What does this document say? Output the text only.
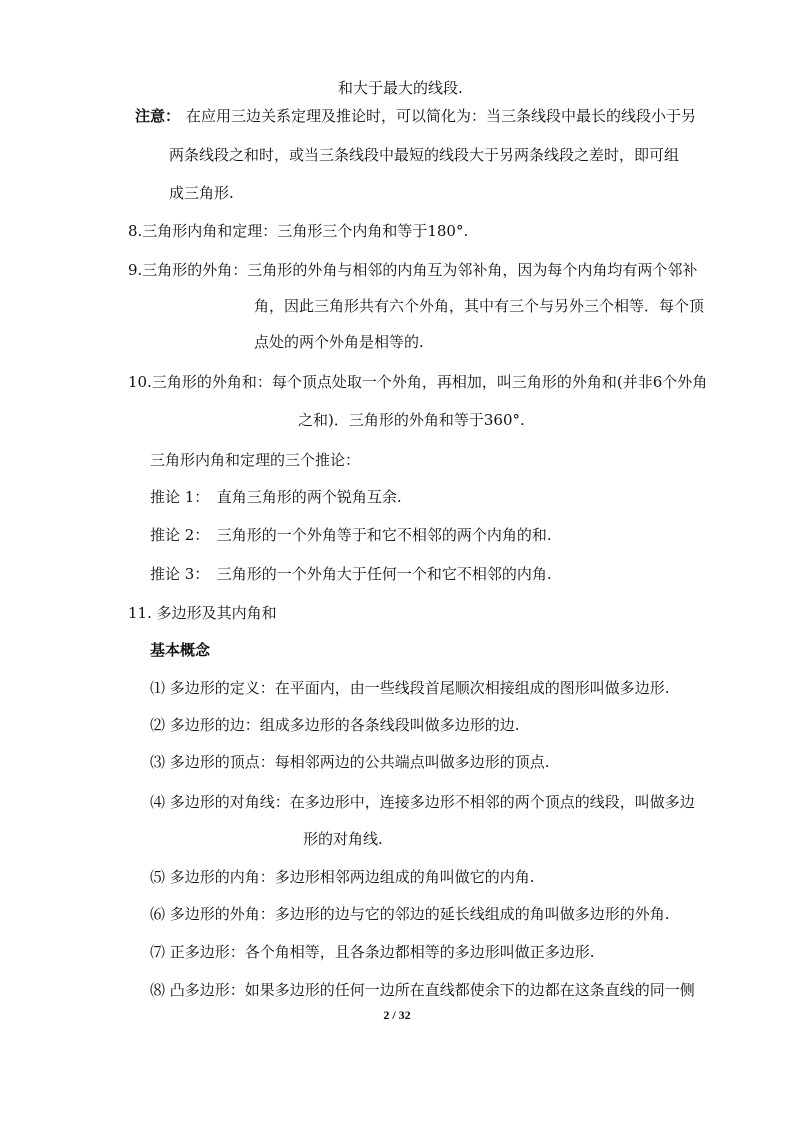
和大于最大的线段.
注意： 在应用三边关系定理及推论时，可以简化为：当三条线段中最长的线段小于另
两条线段之和时，或当三条线段中最短的线段大于另两条线段之差时，即可组
成三角形.
8.三角形内角和定理：三角形三个内角和等于180°.
9.三角形的外角：三角形的外角与相邻的内角互为邻补角，因为每个内角均有两个邻补
角，因此三角形共有六个外角，其中有三个与另外三个相等．每个顶
点处的两个外角是相等的.
10.三角形的外角和：每个顶点处取一个外角，再相加，叫三角形的外角和(并非6个外角
之和)．三角形的外角和等于360°.
三角形内角和定理的三个推论：
推论 1：　直角三角形的两个锐角互余.
推论 2：　三角形的一个外角等于和它不相邻的两个内角的和.
推论 3：　三角形的一个外角大于任何一个和它不相邻的内角.
11. 多边形及其内角和
基本概念
⑴ 多边形的定义：在平面内，由一些线段首尾顺次相接组成的图形叫做多边形.
⑵ 多边形的边：组成多边形的各条线段叫做多边形的边.
⑶ 多边形的顶点：每相邻两边的公共端点叫做多边形的顶点.
⑷ 多边形的对角线：在多边形中，连接多边形不相邻的两个顶点的线段，叫做多边
形的对角线.
⑸ 多边形的内角：多边形相邻两边组成的角叫做它的内角.
⑹ 多边形的外角：多边形的边与它的邻边的延长线组成的角叫做多边形的外角.
⑺ 正多边形：各个角相等，且各条边都相等的多边形叫做正多边形.
⑻ 凸多边形：如果多边形的任何一边所在直线都使余下的边都在这条直线的同一侧
2 / 32
